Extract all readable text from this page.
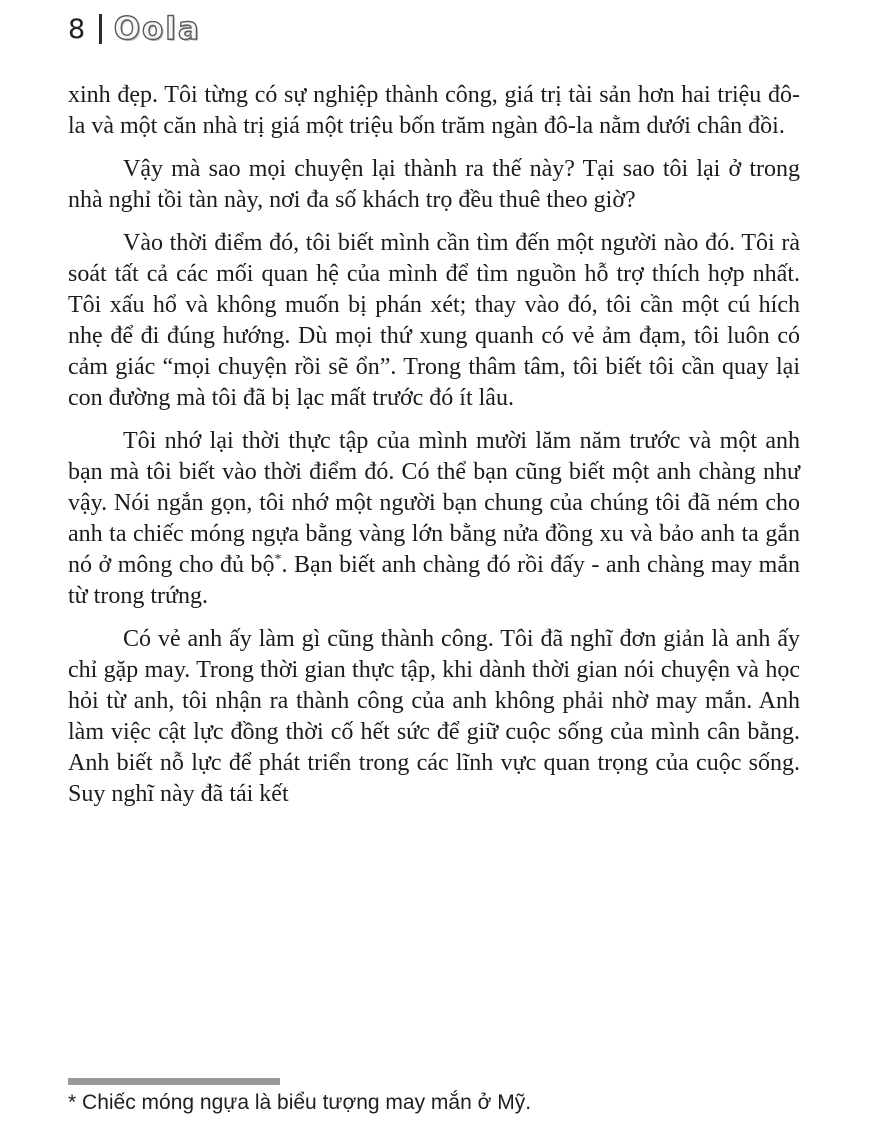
8 Oola

xinh đẹp. Tôi từng có sự nghiệp thành công, giá trị tài sản hơn hai triệu đô-la và một căn nhà trị giá một triệu bốn trăm ngàn đô-la nằm dưới chân đồi.

Vậy mà sao mọi chuyện lại thành ra thế này? Tại sao tôi lại ở trong nhà nghỉ tồi tàn này, nơi đa số khách trọ đều thuê theo giờ?

Vào thời điểm đó, tôi biết mình cần tìm đến một người nào đó. Tôi rà soát tất cả các mối quan hệ của mình để tìm nguồn hỗ trợ thích hợp nhất. Tôi xấu hổ và không muốn bị phán xét; thay vào đó, tôi cần một cú hích nhẹ để đi đúng hướng. Dù mọi thứ xung quanh có vẻ ảm đạm, tôi luôn có cảm giác “mọi chuyện rồi sẽ ổn”. Trong thâm tâm, tôi biết tôi cần quay lại con đường mà tôi đã bị lạc mất trước đó ít lâu.

Tôi nhớ lại thời thực tập của mình mười lăm năm trước và một anh bạn mà tôi biết vào thời điểm đó. Có thể bạn cũng biết một anh chàng như vậy. Nói ngắn gọn, tôi nhớ một người bạn chung của chúng tôi đã ném cho anh ta chiếc móng ngựa bằng vàng lớn bằng nửa đồng xu và bảo anh ta gắn nó ở mông cho đủ bộ*. Bạn biết anh chàng đó rồi đấy - anh chàng may mắn từ trong trứng.

Có vẻ anh ấy làm gì cũng thành công. Tôi đã nghĩ đơn giản là anh ấy chỉ gặp may. Trong thời gian thực tập, khi dành thời gian nói chuyện và học hỏi từ anh, tôi nhận ra thành công của anh không phải nhờ may mắn. Anh làm việc cật lực đồng thời cố hết sức để giữ cuộc sống của mình cân bằng. Anh biết nỗ lực để phát triển trong các lĩnh vực quan trọng của cuộc sống. Suy nghĩ này đã tái kết

* Chiếc móng ngựa là biểu tượng may mắn ở Mỹ.
